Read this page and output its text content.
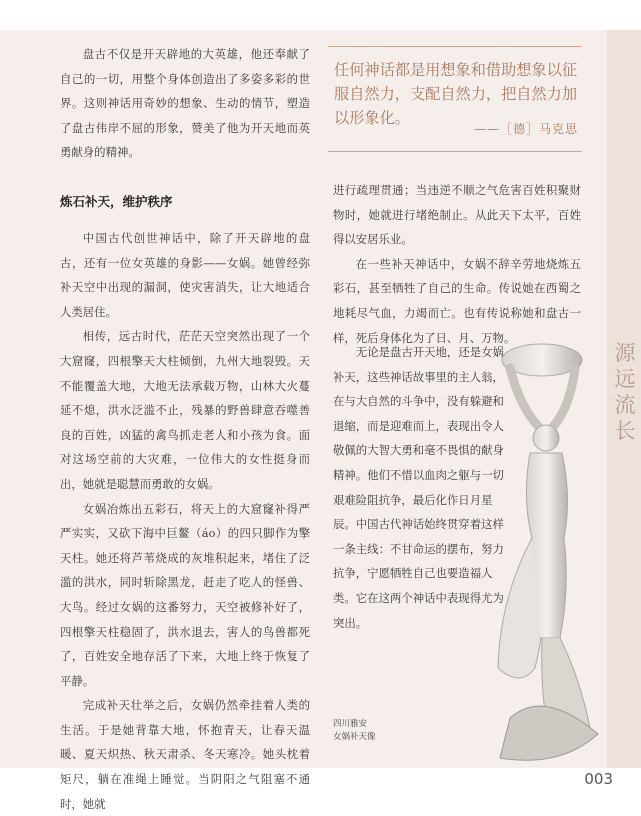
盘古不仅是开天辟地的大英雄，他还奉献了自己的一切，用整个身体创造出了多姿多彩的世界。这则神话用奇妙的想象、生动的情节，塑造了盘古伟岸不屈的形象，赞美了他为开天地而英勇献身的精神。

炼石补天，维护秩序

中国古代创世神话中，除了开天辟地的盘古，还有一位女英雄的身影——女娲。她曾经弥补天空中出现的漏洞，使灾害消失，让大地适合人类居住。

相传，远古时代，茫茫天空突然出现了一个大窟窿，四根擎天大柱倾倒，九州大地裂毁。天不能覆盖大地，大地无法承载万物，山林大火蔓延不熄，洪水泛滥不止，残暴的野兽肆意吞噬善良的百姓，凶猛的禽鸟抓走老人和小孩为食。面对这场空前的大灾难，一位伟大的女性挺身而出，她就是聪慧而勇敢的女娲。

女娲冶炼出五彩石，将天上的大窟窿补得严严实实，又砍下海中巨鳌（áo）的四只脚作为擎天柱。她还将芦苇烧成的灰堆积起来，堵住了泛滥的洪水，同时斩除黑龙，赶走了吃人的怪兽、大鸟。经过女娲的这番努力，天空被修补好了，四根擎天柱稳固了，洪水退去，害人的鸟兽都死了，百姓安全地存活了下来，大地上终于恢复了平静。

完成补天壮举之后，女娲仍然牵挂着人类的生活。于是她背靠大地，怀抱青天，让春天温暖、夏天炽热、秋天肃杀、冬天寒冷。她头枕着矩尺，躺在准绳上睡觉。当阴阳之气阻塞不通时，她就

任何神话都是用想象和借助想象以征服自然力，支配自然力，把自然力加以形象化。
——［德］马克思

进行疏理贯通；当违逆不顺之气危害百姓积聚财物时，她就进行堵绝制止。从此天下太平，百姓得以安居乐业。

在一些补天神话中，女娲不辞辛劳地烧炼五彩石，甚至牺牲了自己的生命。传说她在西蜀之地耗尽气血，力竭而亡。也有传说称她和盘古一样，死后身体化为了日、月、万物。

无论是盘古开天地，还是女娲补天，这些神话故事里的主人翁，在与大自然的斗争中，没有躲避和退缩，而是迎难而上，表现出令人敬佩的大智大勇和毫不畏惧的献身精神。他们不惜以血肉之躯与一切艰难险阻抗争，最后化作日月星辰。中国古代神话始终贯穿着这样一条主线：不甘命运的摆布，努力抗争，宁愿牺牲自己也要造福人类。它在这两个神话中表现得尤为突出。

四川雅安
女娲补天像
源
远
流
长
003
